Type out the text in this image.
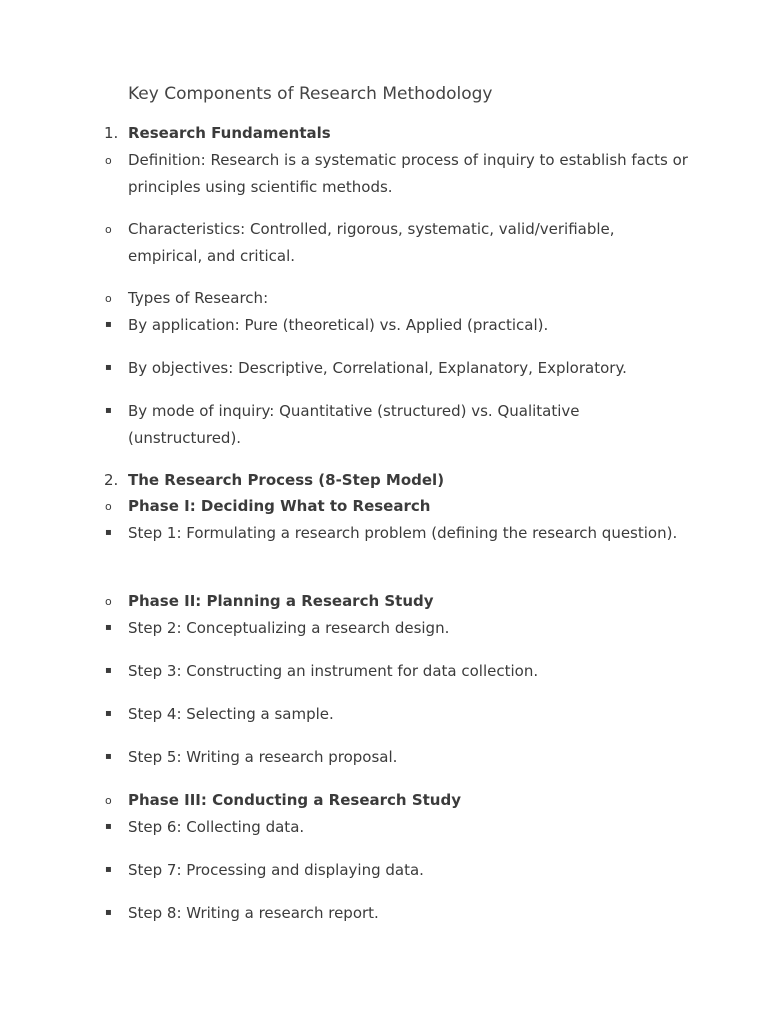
Key Components of Research Methodology
1. Research Fundamentals
o Definition: Research is a systematic process of inquiry to establish facts or principles using scientific methods.
o Characteristics: Controlled, rigorous, systematic, valid/verifiable, empirical, and critical.
o Types of Research:
▪ By application: Pure (theoretical) vs. Applied (practical).
▪ By objectives: Descriptive, Correlational, Explanatory, Exploratory.
▪ By mode of inquiry: Quantitative (structured) vs. Qualitative (unstructured).
2. The Research Process (8-Step Model)
o Phase I: Deciding What to Research
▪ Step 1: Formulating a research problem (defining the research question).
o Phase II: Planning a Research Study
▪ Step 2: Conceptualizing a research design.
▪ Step 3: Constructing an instrument for data collection.
▪ Step 4: Selecting a sample.
▪ Step 5: Writing a research proposal.
o Phase III: Conducting a Research Study
▪ Step 6: Collecting data.
▪ Step 7: Processing and displaying data.
▪ Step 8: Writing a research report.
